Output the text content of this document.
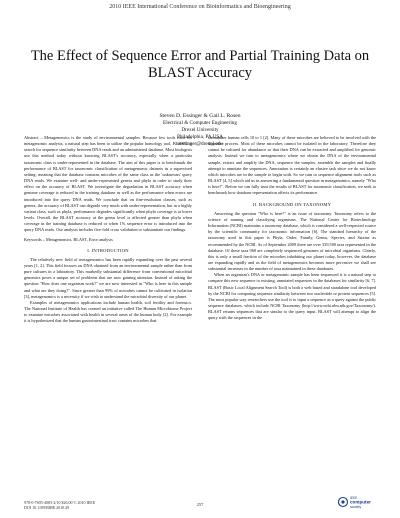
2010 IEEE International Conference on Bioinformatics and Bioengineering
The Effect of Sequence Error and Partial Training Data on BLAST Accuracy
Steven D. Essinger & Gail L. Rosen
Electrical & Computer Engineering
Drexel University
Philadelphia, PA USA
sessinger@drexel.edu

Abstract – Metagenomics is the study of environmental samples. Because few tools exist for metagenomic analysis, a natural step has been to utilize the popular homology tool, BLAST, to search for sequence similarity between DNA reads and an administered database. Most biologists use this method today without knowing BLAST's accuracy, especially when a particular taxonomic class is under-represented in the database. The aim of this paper is to benchmark the performance of BLAST for taxonomic classification of metagenomic datasets in a supervised setting; meaning that the database contains microbes of the same class as the 'unknowns' query DNA reads. We examine well- and under-represented genera and phyla in order to study their effect on the accuracy of BLAST. We investigate the degradation in BLAST accuracy when genome coverage is reduced in the training database as well as the performance when errors are introduced into the query DNA reads. We conclude that on fine-resolution classes, such as genera, the accuracy of BLAST can degrade very much with under-representation, but in a highly variant class, such as phyla, performance degrades significantly when phyla coverage is at lower levels. Overall, the BLAST accuracy at the genus level is affected greater than phyla when coverage in the training database is reduced or when 1% sequence error is introduced into the query DNA reads. Our analysis includes five-fold cross validation to substantiate our findings.

Keywords – Metagenomics, BLAST, Error analysis

I. INTRODUCTION

The relatively new field of metagenomics has been rapidly expanding over the past several years [1, 2]. This field focuses on DNA obtained from an environmental sample rather than from pure cultures in a laboratory. This markedly substantial difference from conventional microbial genomics poses a unique set of problems that are now gaining attention. Instead of asking the question "How does one organism work?" we are now interested in "Who is here in this sample and what are they doing?". Since greater than 99% of microbes cannot be cultivated in isolation [3], metagenomics is a necessity if we wish to understand the microbial diversity of our planet.

Examples of metagenomics applications include human health, soil fertility and forensics. The National Institute of Health has created an initiative called The Human Microbiome Project to examine microbes associated with health in several areas of the human body [2]. For example it is hypothesized that the human gastrointestinal tract contains microbes that

outnumber human cells 10 to 1 [2]. Many of these microbes are believed to be involved with the digestive process. Most of these microbes cannot be isolated in the laboratory. Therefore they cannot be cultured for abundance so that their DNA can be extracted and amplified for genomic analysis. Instead we turn to metagenomics where we obtain the DNA of the environmental sample, extract and amplify the DNA, sequence the samples, assemble the samples and finally attempt to annotate the sequences. Annotation is certainly an elusive task since we do not know which microbes are in the sample to begin with. So we turn to sequence alignment tools such as BLAST [4, 5] which aid us in answering a fundamental question in metagenomics, namely "Who is here?". Before we can fully trust the results of BLAST for taxonomic classification, we seek to benchmark how database representation affects its performance.

II. BACKGROUND ON TAXONOMY

Answering the question "Who is here?" is an issue of taxonomy. Taxonomy refers to the science of naming and classifying organisms. The National Center for Biotechnology Information (NCBI) maintains a taxonomy database, which is considered a well-respected source by the scientific community for taxonomic information [6]. The standard hierarchy of the taxonomy used in this paper is Phyla, Order, Family, Genus, Species, and Strains as recommended by the NCBI. As of September 2009 there are over 339,500 taxa represented in the database. Of these taxa 968 are completely sequenced genomes of microbial organisms. Clearly, this is only a small fraction of the microbes inhabiting our planet today, however, the database are expanding rapidly and as the field of metagenomics becomes more pervasive we shall see substantial increases in the number of taxa maintained in these databases.

When an organism's DNA or metagenomic sample has been sequenced it is a natural step to compare this new sequence to existing, annotated sequences in the databases for similarity [6, 7]. BLAST (Basic Local Alignment Search Tool) is both a web based and standalone tool developed by the NCBI for comparing sequence similarity between two nucleotide or protein sequences [5]. The most popular way researchers use the tool is to input a sequence as a query against the public sequence databases, which include NCBI Taxonomy (http://www.ncbi.nlm.nih.gov/Taxonomy/). BLAST returns sequences that are similar to the query input. BLAST will attempt to align the query with the sequences in the

978-0-7695-4083-2/10 $26.00 © 2010 IEEE
DOI 10.1109/BIBE.2010.49
257
IEEE
computer
society
